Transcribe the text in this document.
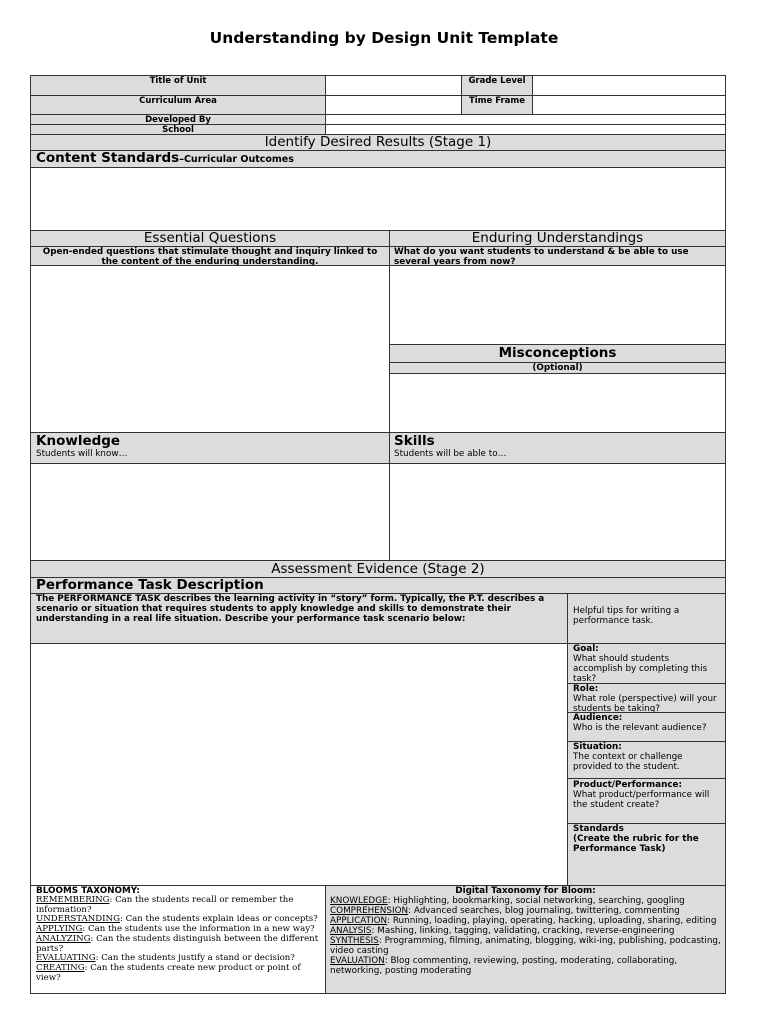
Understanding by Design Unit Template
Title of Unit	Grade Level
Curriculum Area	Time Frame
Developed By
School
Identify Desired Results (Stage 1)
Content Standards–Curricular Outcomes
Essential Questions	Enduring Understandings
Open-ended questions that stimulate thought and inquiry linked to the content of the enduring understanding.
What do you want students to understand & be able to use several years from now?
Misconceptions
(Optional)
Knowledge
Students will know…
Skills
Students will be able to…
Assessment Evidence (Stage 2)
Performance Task Description
The PERFORMANCE TASK describes the learning activity in “story” form. Typically, the P.T. describes a scenario or situation that requires students to apply knowledge and skills to demonstrate their understanding in a real life situation. Describe your performance task scenario below:
Helpful tips for writing a performance task.
Goal:
What should students accomplish by completing this task?
Role:
What role (perspective) will your students be taking?
Audience:
Who is the relevant audience?
Situation:
The context or challenge provided to the student.
Product/Performance:
What product/performance will the student create?
Standards
(Create the rubric for the Performance Task)
BLOOMS TAXONOMY:
REMEMBERING: Can the students recall or remember the information?
UNDERSTANDING: Can the students explain ideas or concepts?
APPLYING: Can the students use the information in a new way?
ANALYZING: Can the students distinguish between the different parts?
EVALUATING: Can the students justify a stand or decision?
CREATING: Can the students create new product or point of view?
Digital Taxonomy for Bloom:
KNOWLEDGE: Highlighting, bookmarking, social networking, searching, googling
COMPREHENSION: Advanced searches, blog journaling, twittering, commenting
APPLICATION: Running, loading, playing, operating, hacking, uploading, sharing, editing
ANALYSIS: Mashing, linking, tagging, validating, cracking, reverse-engineering
SYNTHESIS: Programming, filming, animating, blogging, wiki-ing, publishing, podcasting, video casting
EVALUATION: Blog commenting, reviewing, posting, moderating, collaborating, networking, posting moderating
